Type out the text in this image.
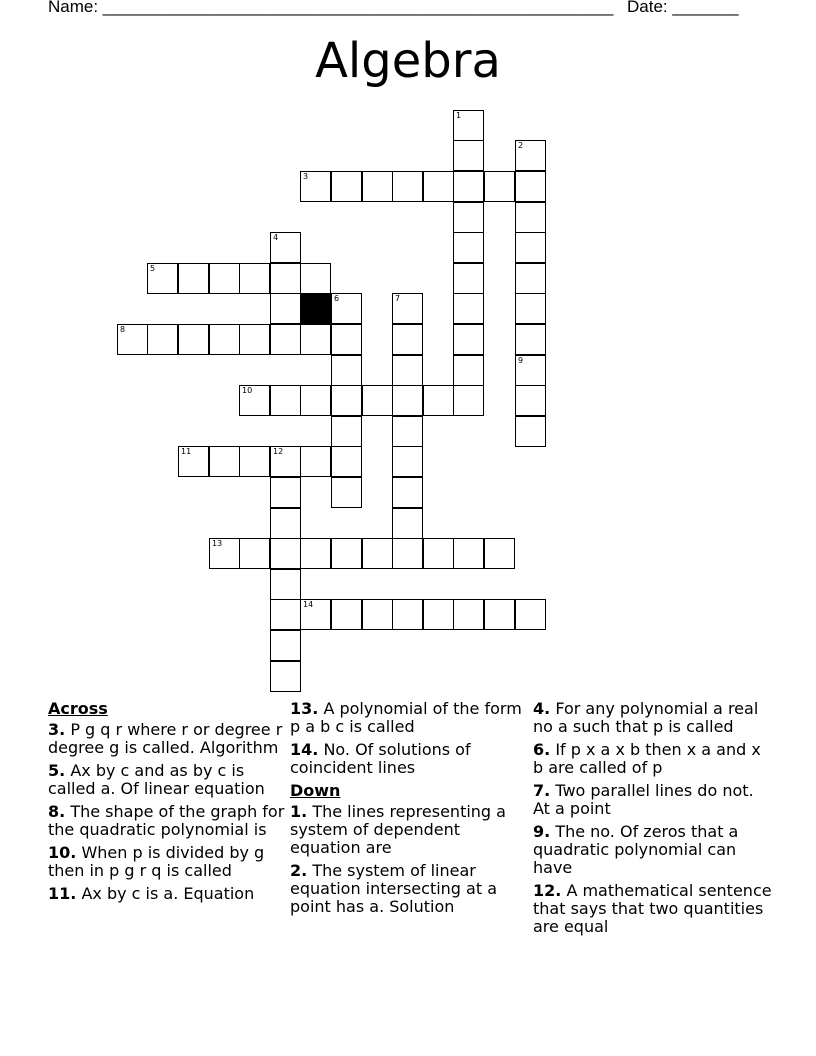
Name: ______________________________________________________ Date: _______
Algebra
1
2
3
4
5
6	7
8
9
10
11	12
13
14
Across
3. P g q r where r or degree r degree g is called. Algorithm
5. Ax by c and as by c is called a. Of linear equation
8. The shape of the graph for the quadratic polynomial is
10. When p is divided by g then in p g r q is called
11. Ax by c is a. Equation
13. A polynomial of the form p a b c is called
14. No. Of solutions of coincident lines
Down
1. The lines representing a system of dependent equation are
2. The system of linear equation intersecting at a point has a. Solution
4. For any polynomial a real no a such that p is called
6. If p x a x b then x a and x b are called of p
7. Two parallel lines do not. At a point
9. The no. Of zeros that a quadratic polynomial can have
12. A mathematical sentence that says that two quantities are equal
